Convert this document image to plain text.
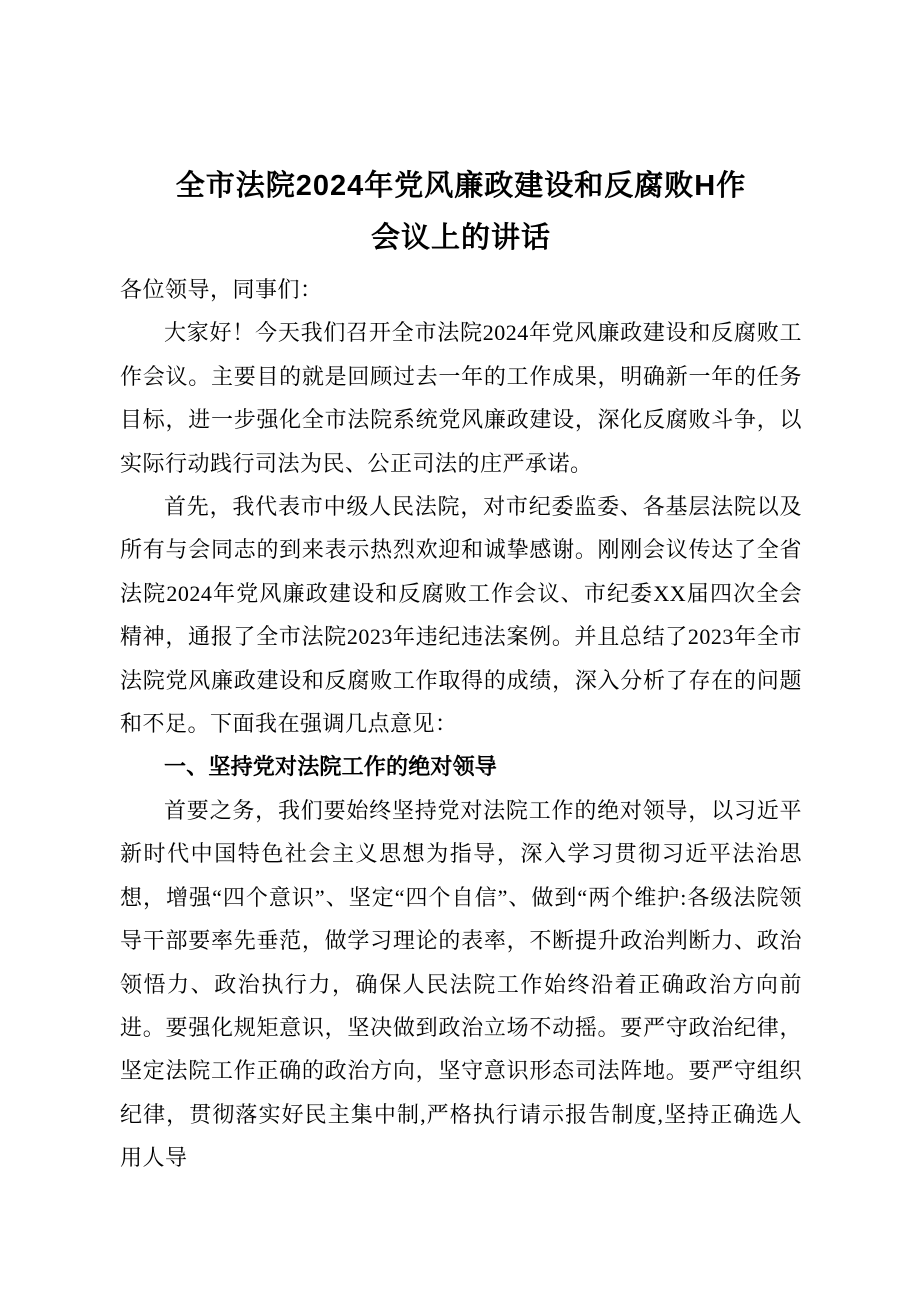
全市法院2024年党风廉政建设和反腐败H作
会议上的讲话

各位领导，同事们：

大家好！今天我们召开全市法院2024年党风廉政建设和反腐败工作会议。主要目的就是回顾过去一年的工作成果，明确新一年的任务目标，进一步强化全市法院系统党风廉政建设，深化反腐败斗争，以实际行动践行司法为民、公正司法的庄严承诺。

首先，我代表市中级人民法院，对市纪委监委、各基层法院以及所有与会同志的到来表示热烈欢迎和诚挚感谢。刚刚会议传达了全省法院2024年党风廉政建设和反腐败工作会议、市纪委XX届四次全会精神，通报了全市法院2023年违纪违法案例。并且总结了2023年全市法院党风廉政建设和反腐败工作取得的成绩，深入分析了存在的问题和不足。下面我在强调几点意见：

一、坚持党对法院工作的绝对领导

首要之务，我们要始终坚持党对法院工作的绝对领导，以习近平新时代中国特色社会主义思想为指导，深入学习贯彻习近平法治思想，增强“四个意识”、坚定“四个自信”、做到“两个维护:各级法院领导干部要率先垂范，做学习理论的表率，不断提升政治判断力、政治领悟力、政治执行力，确保人民法院工作始终沿着正确政治方向前进。要强化规矩意识，坚决做到政治立场不动摇。要严守政治纪律，坚定法院工作正确的政治方向，坚守意识形态司法阵地。要严守组织纪律，贯彻落实好民主集中制,严格执行请示报告制度,坚持正确选人用人导
